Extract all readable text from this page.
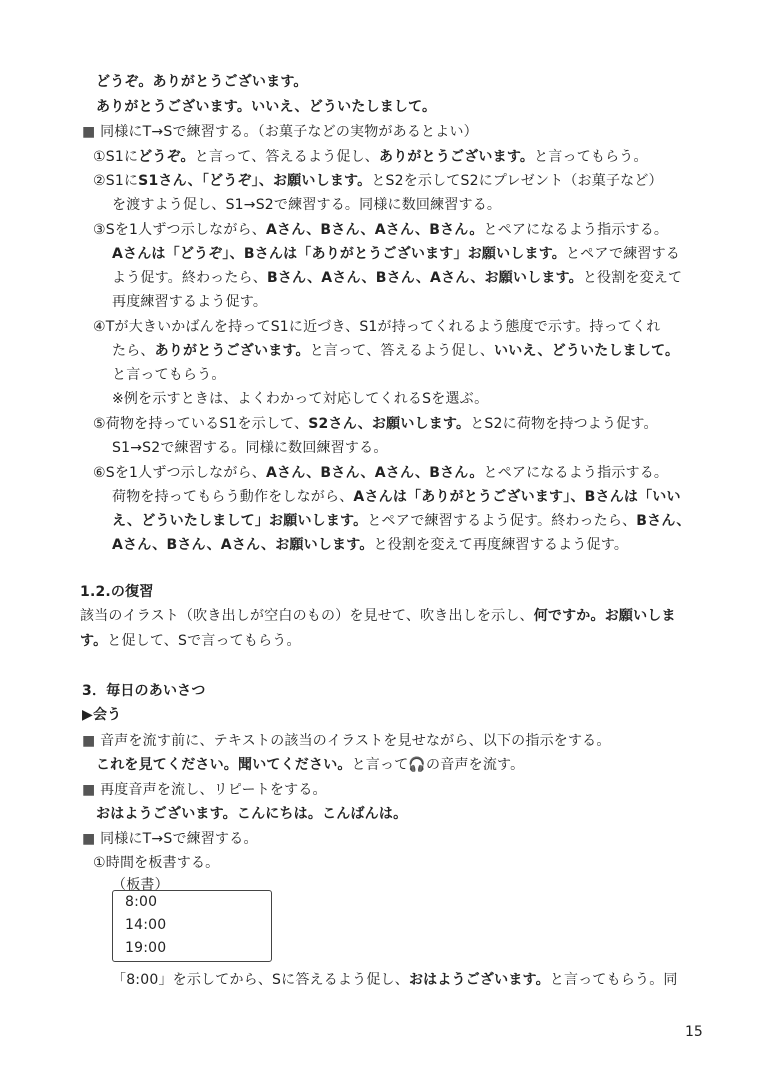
どうぞ。ありがとうございます。
ありがとうございます。いいえ、どういたしまして。
■ 同様にT→Sで練習する。（お菓子などの実物があるとよい）
①S1にどうぞ。と言って、答えるよう促し、ありがとうございます。と言ってもらう。
②S1にS1さん、「どうぞ」、お願いします。とS2を示してS2にプレゼント（お菓子など）
を渡すよう促し、S1→S2で練習する。同様に数回練習する。
③Sを1人ずつ示しながら、Aさん、Bさん、Aさん、Bさん。とペアになるよう指示する。
Aさんは「どうぞ」、Bさんは「ありがとうございます」お願いします。とペアで練習する
よう促す。終わったら、Bさん、Aさん、Bさん、Aさん、お願いします。と役割を変えて
再度練習するよう促す。
④Tが大きいかばんを持ってS1に近づき、S1が持ってくれるよう態度で示す。持ってくれ
たら、ありがとうございます。と言って、答えるよう促し、いいえ、どういたしまして。
と言ってもらう。
※例を示すときは、よくわかって対応してくれるSを選ぶ。
⑤荷物を持っているS1を示して、S2さん、お願いします。とS2に荷物を持つよう促す。
S1→S2で練習する。同様に数回練習する。
⑥Sを1人ずつ示しながら、Aさん、Bさん、Aさん、Bさん。とペアになるよう指示する。
荷物を持ってもらう動作をしながら、Aさんは「ありがとうございます」、Bさんは「いい
え、どういたしまして」お願いします。とペアで練習するよう促す。終わったら、Bさん、
Aさん、Bさん、Aさん、お願いします。と役割を変えて再度練習するよう促す。
1.2.の復習
該当のイラスト（吹き出しが空白のもの）を見せて、吹き出しを示し、何ですか。お願いしま
す。と促して、Sで言ってもらう。
3．毎日のあいさつ
▶会う
■ 音声を流す前に、テキストの該当のイラストを見せながら、以下の指示をする。
これを見てください。聞いてください。と言って🎧の音声を流す。
■ 再度音声を流し、リピートをする。
おはようございます。こんにちは。こんばんは。
■ 同様にT→Sで練習する。
①時間を板書する。
（板書）
「8:00」を示してから、Sに答えるよう促し、おはようございます。と言ってもらう。同
8:00
14:00
19:00
15
